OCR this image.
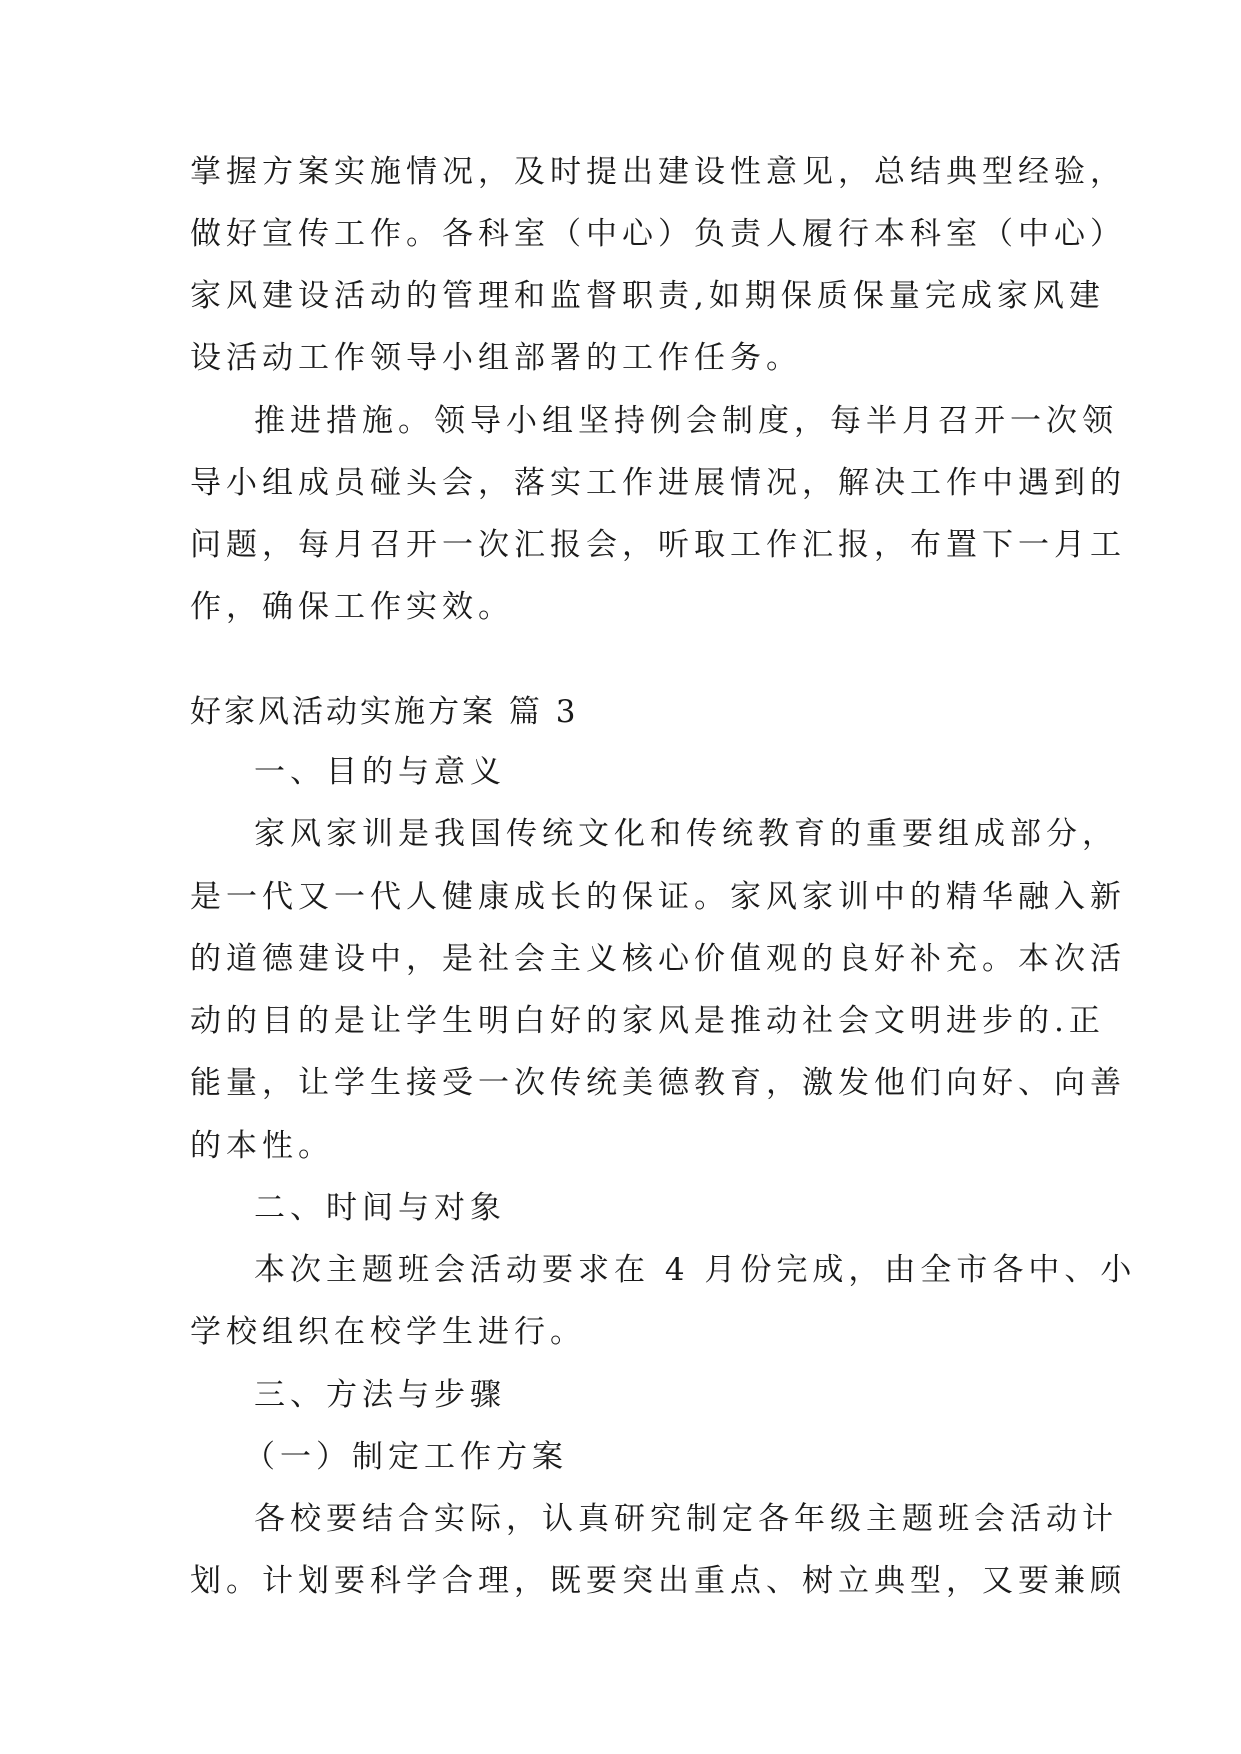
掌握方案实施情况，及时提出建设性意见，总结典型经验，
做好宣传工作。各科室（中心）负责人履行本科室（中心）
家风建设活动的管理和监督职责,如期保质保量完成家风建
设活动工作领导小组部署的工作任务。
推进措施。领导小组坚持例会制度，每半月召开一次领
导小组成员碰头会，落实工作进展情况，解决工作中遇到的
问题，每月召开一次汇报会，听取工作汇报，布置下一月工
作，确保工作实效。
好家风活动实施方案 篇 3
一、目的与意义
家风家训是我国传统文化和传统教育的重要组成部分，
是一代又一代人健康成长的保证。家风家训中的精华融入新
的道德建设中，是社会主义核心价值观的良好补充。本次活
动的目的是让学生明白好的家风是推动社会文明进步的.正
能量，让学生接受一次传统美德教育，激发他们向好、向善
的本性。
二、时间与对象
本次主题班会活动要求在 4 月份完成，由全市各中、小
学校组织在校学生进行。
三、方法与步骤
（一）制定工作方案
各校要结合实际，认真研究制定各年级主题班会活动计
划。计划要科学合理，既要突出重点、树立典型，又要兼顾
